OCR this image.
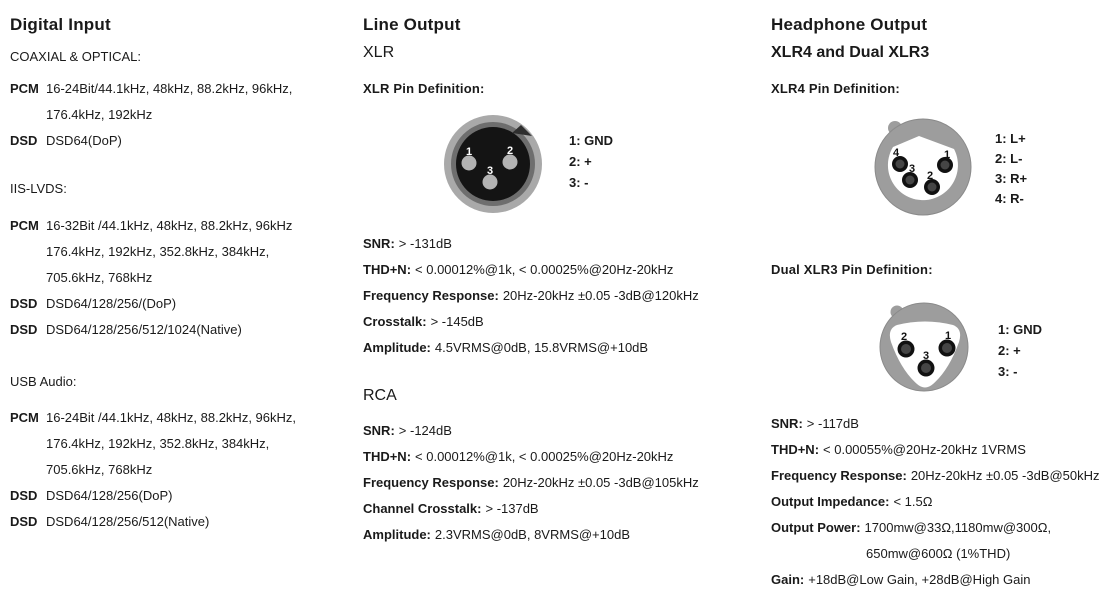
Digital Input
COAXIAL & OPTICAL:
PCM 16-24Bit/44.1kHz, 48kHz, 88.2kHz, 96kHz,
176.4kHz, 192kHz
DSD DSD64(DoP)
IIS-LVDS:
PCM 16-32Bit /44.1kHz, 48kHz, 88.2kHz, 96kHz
176.4kHz, 192kHz, 352.8kHz, 384kHz,
705.6kHz, 768kHz
DSD DSD64/128/256/(DoP)
DSD DSD64/128/256/512/1024(Native)
USB Audio:
PCM 16-24Bit /44.1kHz, 48kHz, 88.2kHz, 96kHz,
176.4kHz, 192kHz, 352.8kHz, 384kHz,
705.6kHz, 768kHz
DSD DSD64/128/256(DoP)
DSD DSD64/128/256/512(Native)
Line Output
XLR
XLR Pin Definition:
1	2
3
1: GND
2: +
3: -
SNR: > -131dB
THD+N: < 0.00012%@1k, < 0.00025%@20Hz-20kHz
Frequency Response: 20Hz-20kHz ±0.05 -3dB@120kHz
Crosstalk: > -145dB
Amplitude: 4.5VRMS@0dB, 15.8VRMS@+10dB
RCA
SNR: > -124dB
THD+N: < 0.00012%@1k, < 0.00025%@20Hz-20kHz
Frequency Response: 20Hz-20kHz ±0.05 -3dB@105kHz
Channel Crosstalk: > -137dB
Amplitude: 2.3VRMS@0dB, 8VRMS@+10dB
Headphone Output
XLR4 and Dual XLR3
XLR4 Pin Definition:
4	1
3
2
1: L+
2: L-
3: R+
4: R-
Dual XLR3 Pin Definition:
2	1
3
1: GND
2: +
3: -
SNR: > -117dB
THD+N: < 0.00055%@20Hz-20kHz 1VRMS
Frequency Response: 20Hz-20kHz ±0.05 -3dB@50kHz
Output Impedance: < 1.5Ω
Output Power: 1700mw@33Ω,1180mw@300Ω,
650mw@600Ω (1%THD)
Gain: +18dB@Low Gain, +28dB@High Gain
